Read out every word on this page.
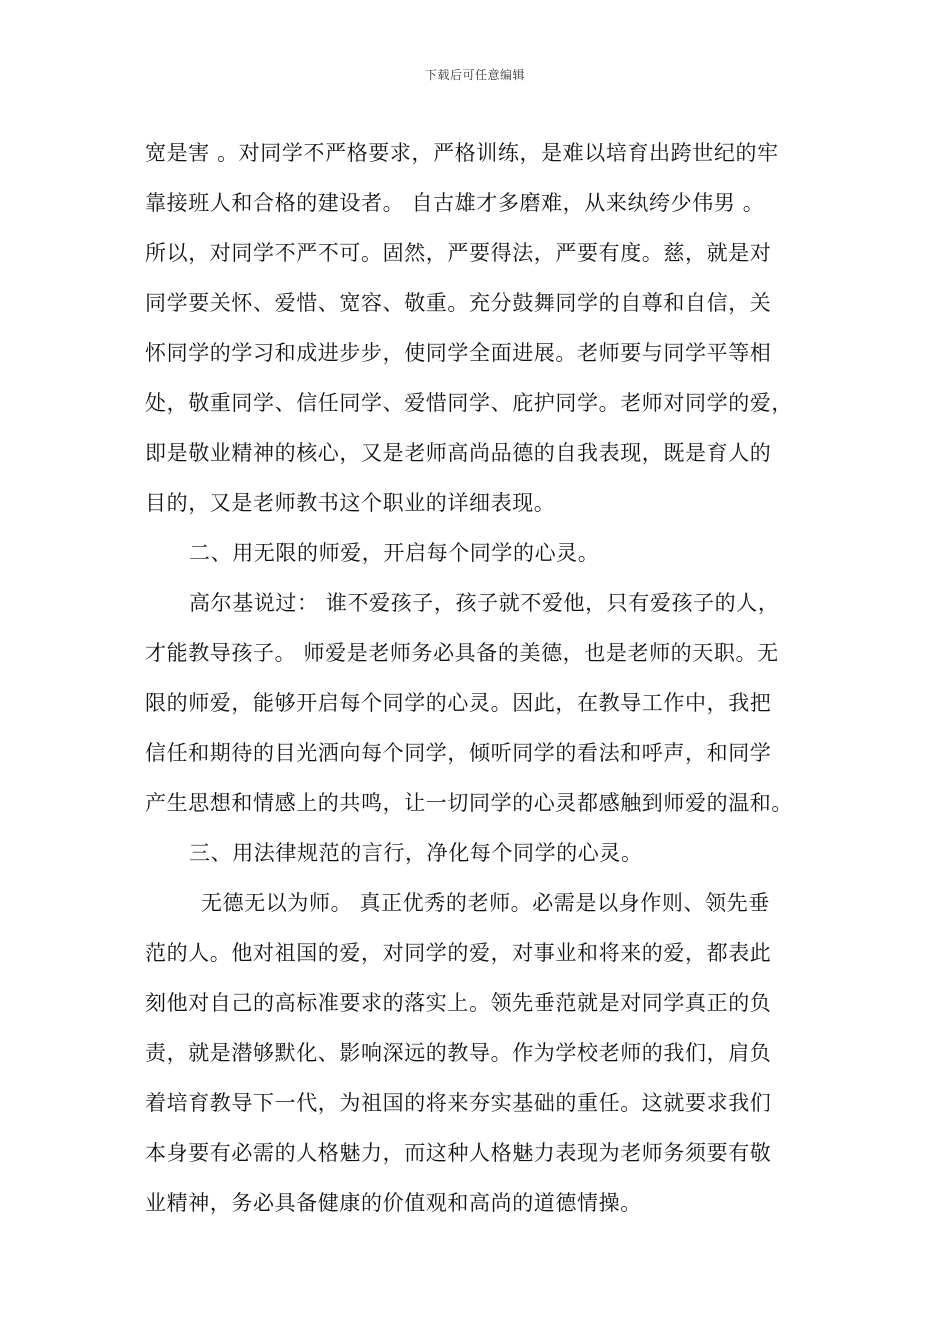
下载后可任意编辑
宽是害 。对同学不严格要求，严格训练，是难以培育出跨世纪的牢
靠接班人和合格的建设者。 自古雄才多磨难，从来纨绔少伟男 。
所以，对同学不严不可。固然，严要得法，严要有度。慈，就是对
同学要关怀、爱惜、宽容、敬重。充分鼓舞同学的自尊和自信，关
怀同学的学习和成进步步，使同学全面进展。老师要与同学平等相
处，敬重同学、信任同学、爱惜同学、庇护同学。老师对同学的爱，
即是敬业精神的核心，又是老师高尚品德的自我表现，既是育人的
目的，又是老师教书这个职业的详细表现。
二、用无限的师爱，开启每个同学的心灵。
高尔基说过： 谁不爱孩子，孩子就不爱他，只有爱孩子的人，
才能教导孩子。 师爱是老师务必具备的美德，也是老师的天职。无
限的师爱，能够开启每个同学的心灵。因此，在教导工作中，我把
信任和期待的目光洒向每个同学，倾听同学的看法和呼声，和同学
产生思想和情感上的共鸣，让一切同学的心灵都感触到师爱的温和。
三、用法律规范的言行，净化每个同学的心灵。
无德无以为师。 真正优秀的老师。必需是以身作则、领先垂
范的人。他对祖国的爱，对同学的爱，对事业和将来的爱，都表此
刻他对自己的高标准要求的落实上。领先垂范就是对同学真正的负
责，就是潜够默化、影响深远的教导。作为学校老师的我们，肩负
着培育教导下一代，为祖国的将来夯实基础的重任。这就要求我们
本身要有必需的人格魅力，而这种人格魅力表现为老师务须要有敬
业精神，务必具备健康的价值观和高尚的道德情操。
